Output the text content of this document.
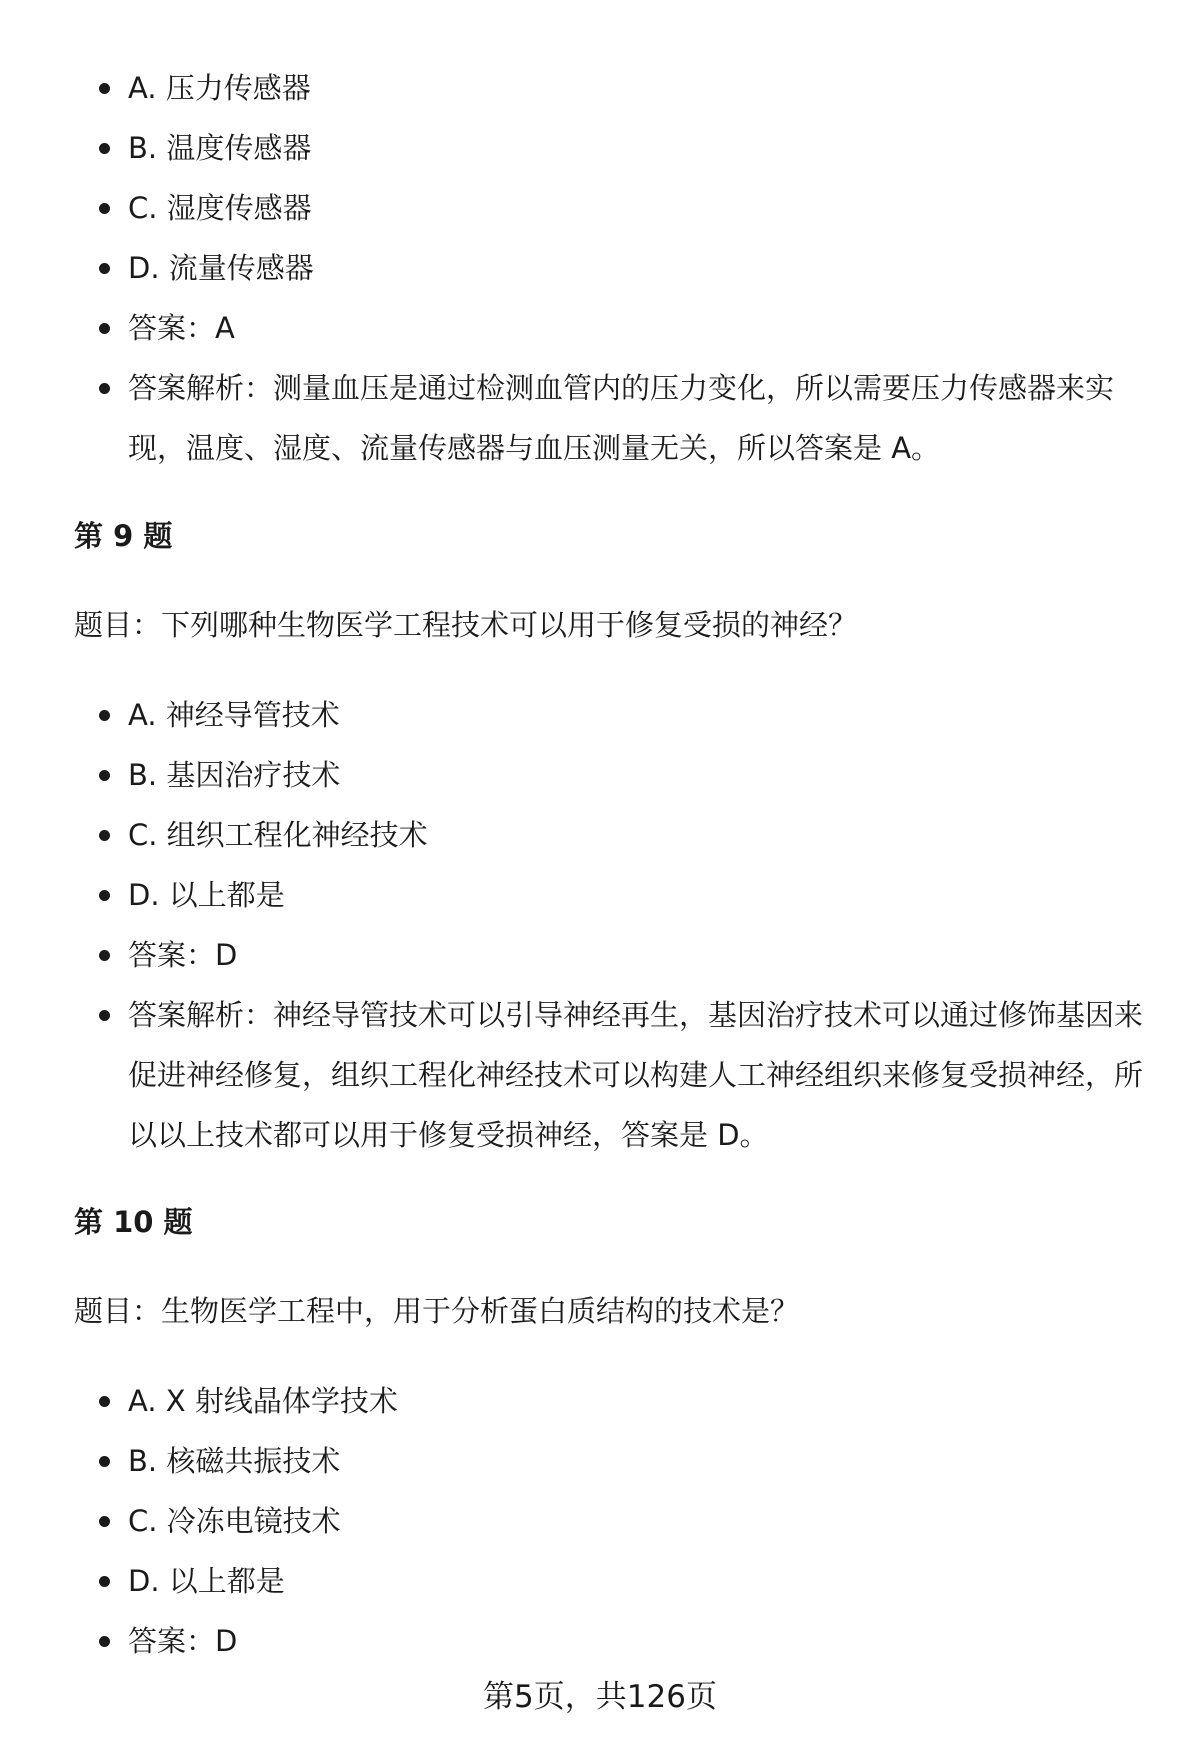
A. 压力传感器
B. 温度传感器
C. 湿度传感器
D. 流量传感器
答案：A
答案解析：测量血压是通过检测血管内的压力变化，所以需要压力传感器来实现，温度、湿度、流量传感器与血压测量无关，所以答案是 A。
第 9 题
题目：下列哪种生物医学工程技术可以用于修复受损的神经？
A. 神经导管技术
B. 基因治疗技术
C. 组织工程化神经技术
D. 以上都是
答案：D
答案解析：神经导管技术可以引导神经再生，基因治疗技术可以通过修饰基因来促进神经修复，组织工程化神经技术可以构建人工神经组织来修复受损神经，所以以上技术都可以用于修复受损神经，答案是 D。
第 10 题
题目：生物医学工程中，用于分析蛋白质结构的技术是？
A. X 射线晶体学技术
B. 核磁共振技术
C. 冷冻电镜技术
D. 以上都是
答案：D
第5页，共126页
